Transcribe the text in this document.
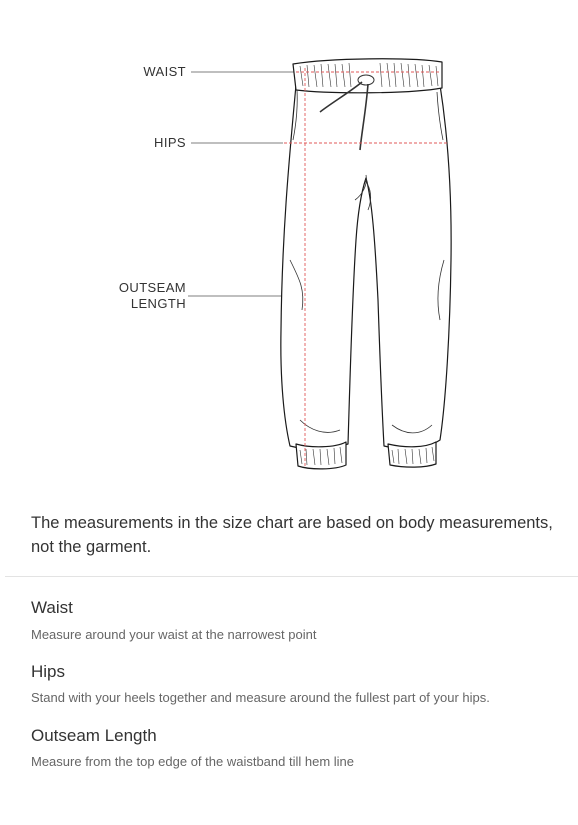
WAIST
HIPS
OUTSEAM
LENGTH
The measurements in the size chart are based on body measurements, not the garment.
Waist
Measure around your waist at the narrowest point
Hips
Stand with your heels together and measure around the fullest part of your hips.
Outseam Length
Measure from the top edge of the waistband till hem line
